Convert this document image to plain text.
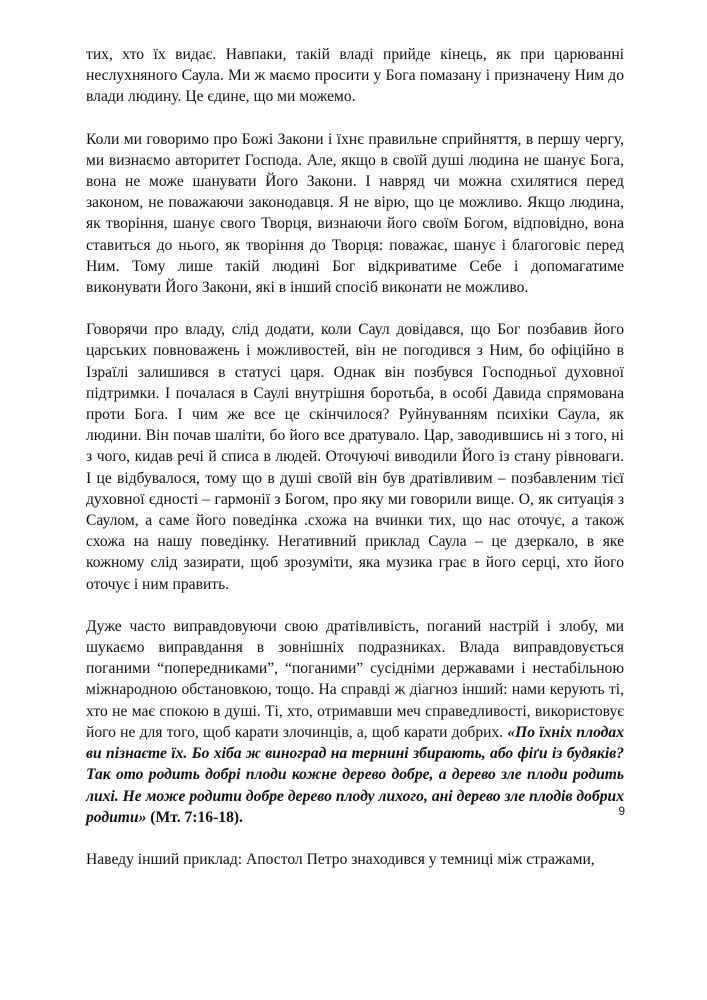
тих, хто їх видає. Навпаки, такій владі прийде кінець, як при царюванні неслухняного Саула. Ми ж маємо просити у Бога помазану і призначену Ним до влади людину. Це єдине, що ми можемо.

Коли ми говоримо про Божі Закони і їхнє правильне сприйняття, в першу чергу, ми визнаємо авторитет Господа. Але, якщо в своїй душі людина не шанує Бога, вона не може шанувати Його Закони. І навряд чи можна схилятися перед законом, не поважаючи законодавця. Я не вірю, що це можливо. Якщо людина, як творіння, шанує свого Творця, визнаючи його своїм Богом, відповідно, вона ставиться до нього, як творіння до Творця: поважає, шанує і благоговіє перед Ним. Тому лише такій людині Бог відкриватиме Себе і допомагатиме виконувати Його Закони, які в інший спосіб виконати не можливо.

Говорячи про владу, слід додати, коли Саул довідався, що Бог позбавив його царських повноважень і можливостей, він не погодився з Ним, бо офіційно в Ізраїлі залишився в статусі царя. Однак він позбувся Господньої духовної підтримки. І почалася в Саулі внутрішня боротьба, в особі Давида спрямована проти Бога. І чим же все це скінчилося? Руйнуванням психіки Саула, як людини. Він почав шаліти, бо його все дратувало. Цар, заводившись ні з того, ні з чого, кидав речі й списа в людей. Оточуючі виводили Його із стану рівноваги. І це відбувалося, тому що в душі своїй він був дратівливим – позбавленим тієї духовної єдності – гармонії з Богом, про яку ми говорили вище. О, як ситуація з Саулом, а саме його поведінка .схожа на вчинки тих, що нас оточує, а також схожа на нашу поведінку. Негативний приклад Саула – це дзеркало, в яке кожному слід зазирати, щоб зрозуміти, яка музика грає в його серці, хто його оточує і ним править.

Дуже часто виправдовуючи свою дратівливість, поганий настрій і злобу, ми шукаємо виправдання в зовнішніх подразниках. Влада виправдовується поганими “попередниками”, “поганими” сусідніми державами і нестабільною міжнародною обстановкою, тощо. На справді ж діагноз інший: нами керують ті, хто не має спокою в душі. Ті, хто, отримавши меч справедливості, використовує його не для того, щоб карати злочинців, а, щоб карати добрих. «По їхніх плодах ви пізнаєте їх. Бо хіба ж виноград на тернині збирають, або фіґи із будяків? Так ото родить добрі плоди кожне дерево добре, а дерево зле плоди родить лихі. Не може родити добре дерево плоду лихого, ані дерево зле плодів добрих родити» (Мт. 7:16-18).

Наведу інший приклад: Апостол Петро знаходився у темниці між стражами,

9
